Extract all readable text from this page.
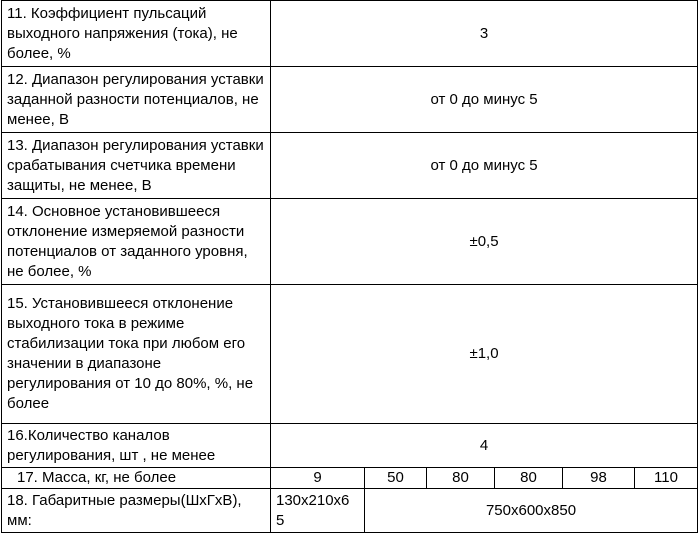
11. Коэффициент пульсаций выходного напряжения (тока), не более, %	3					
12. Диапазон регулирования уставки заданной разности потенциалов, не менее, В	от 0 до минус 5					
13. Диапазон регулирования уставки срабатывания счетчика времени защиты, не менее, В	от 0 до минус 5					
14. Основное установившееся отклонение измеряемой разности потенциалов от заданного уровня, не более, %	±0,5					
15. Установившееся отклонение выходного тока в режиме стабилизации тока при любом его значении в диапазоне регулирования от 10 до 80%, %, не более	±1,0					
16.Количество каналов регулирования, шт , не менее	4					
17. Масса, кг, не более	9	50	80	80	98	110
18. Габаритные размеры(ШхГхВ), мм:	130х210х65	750х600х850				
